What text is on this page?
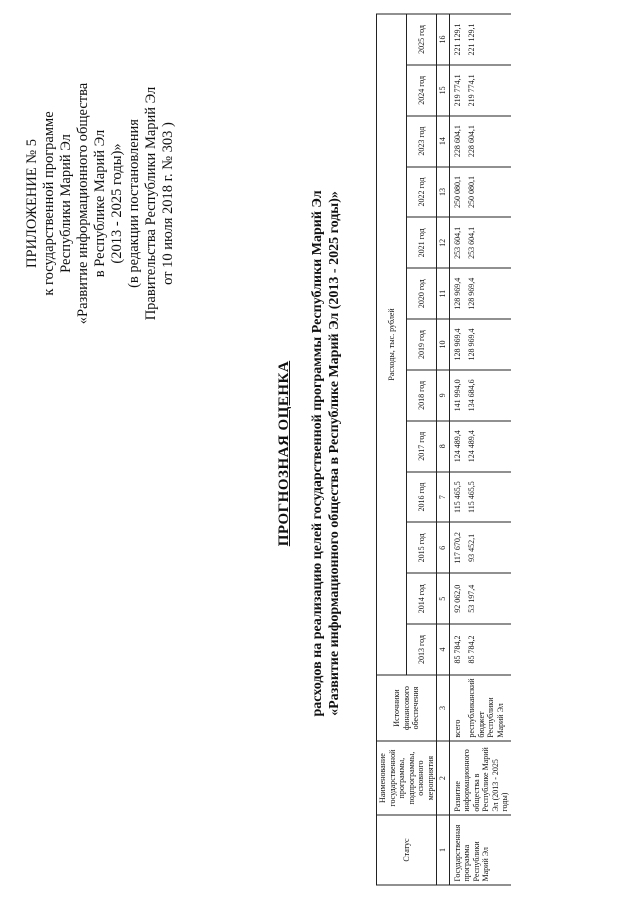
ПРИЛОЖЕНИЕ № 5 к государственной программе Республики Марий Эл «Развитие информационного общества в Республике Марий Эл (2013 - 2025 годы)» (в редакции постановления Правительства Республики Марий Эл от 10 июля 2018 г. № 303 )
ПРОГНОЗНАЯ ОЦЕНКА расходов на реализацию целей государственной программы Республики Марий Эл «Развитие информационного общества в Республике Марий Эл (2013 - 2025 годы)»
Статус	Наименование государственной программы, подпрограммы, основного мероприятия	Источники финансового обеспечения	Расходы, тыс. рублей												
			2013 год	2014 год	2015 год	2016 год	2017 год	2018 год	2019 год	2020 год	2021 год	2022 год	2023 год	2024 год	2025 год
1	2	3	4	5	6	7	8	9	10	11	12	13	14	15	16
Государственная программа Республики Марий Эл	Развитие информационного общества в Республике Марий Эл (2013 - 2025 годы)	всего	85 784,2	92 062,0	117 670,2	115 465,5	124 489,4	141 994,0	128 969,4	128 969,4	253 604,1	250 080,1	228 604,1	219 774,1	221 129,1
		республиканский бюджет Республики Марий Эл	85 784,2	53 197,4	93 452,1	115 465,5	124 489,4	134 684,6	128 969,4	128 969,4	253 604,1	250 080,1	228 604,1	219 774,1	221 129,1
